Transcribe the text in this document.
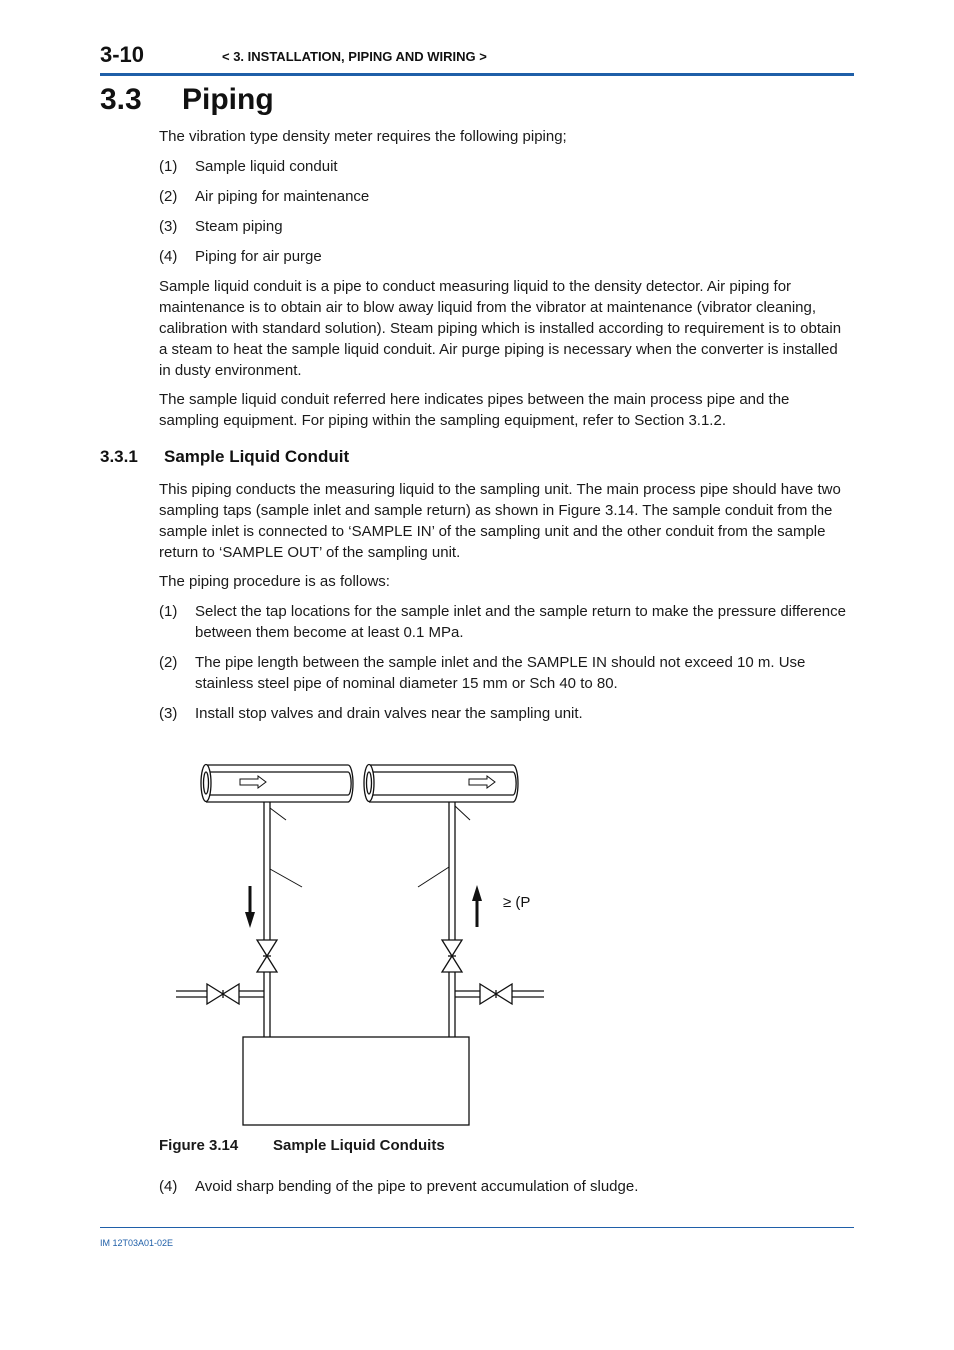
3-10	< 3. INSTALLATION, PIPING AND WIRING >
3.3 Piping
The vibration type density meter requires the following piping;
(1) Sample liquid conduit
(2) Air piping for maintenance
(3) Steam piping
(4) Piping for air purge
Sample liquid conduit is a pipe to conduct measuring liquid to the density detector. Air piping for maintenance is to obtain air to blow away liquid from the vibrator at maintenance (vibrator cleaning, calibration with standard solution). Steam piping which is installed according to requirement is to obtain a steam to heat the sample liquid conduit. Air purge piping is necessary when the converter is installed in dusty environment.
The sample liquid conduit referred here indicates pipes between the main process pipe and the sampling equipment. For piping within the sampling equipment, refer to Section 3.1.2.
3.3.1 Sample Liquid Conduit
This piping conducts the measuring liquid to the sampling unit. The main process pipe should have two sampling taps (sample inlet and sample return) as shown in Figure 3.14. The sample conduit from the sample inlet is connected to ‘SAMPLE IN’ of the sampling unit and the other conduit from the sample return to ‘SAMPLE OUT’ of the sampling unit.
The piping procedure is as follows:
(1) Select the tap locations for the sample inlet and the sample return to make the pressure difference between them become at least 0.1 MPa.
(2) The pipe length between the sample inlet and the SAMPLE IN should not exceed 10 m. Use stainless steel pipe of nominal diameter 15 mm or Sch 40 to 80.
(3) Install stop valves and drain valves near the sampling unit.
≥ (P
Figure 3.14 Sample Liquid Conduits
(4) Avoid sharp bending of the pipe to prevent accumulation of sludge.
IM 12T03A01-02E
